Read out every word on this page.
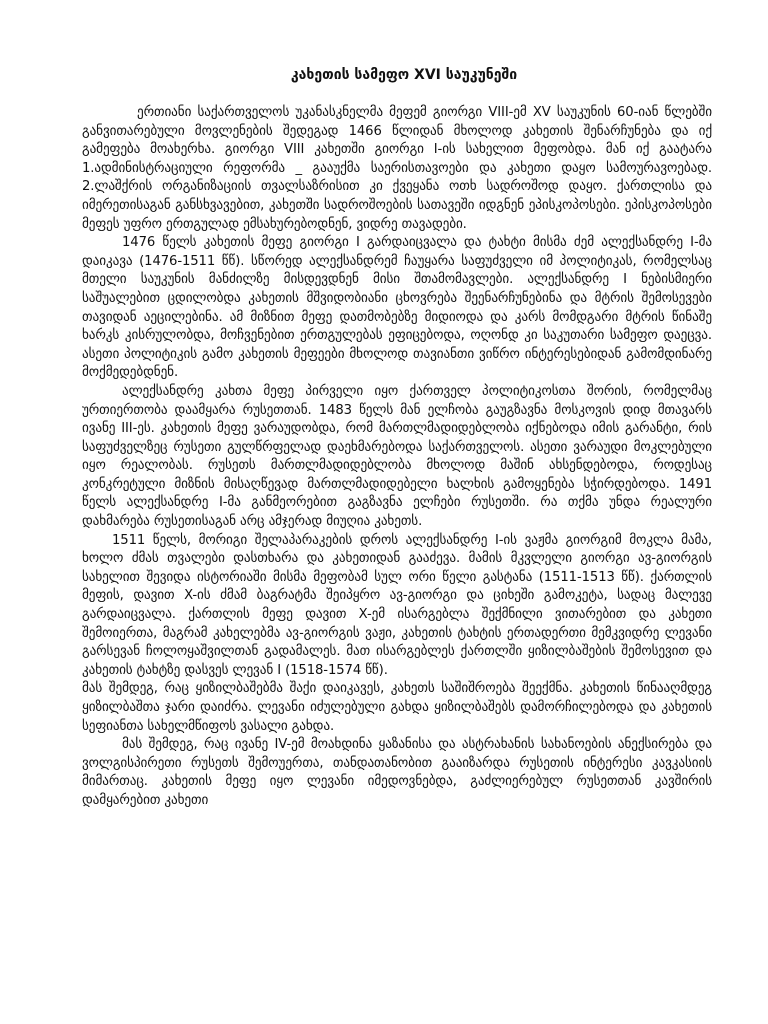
კახეთის სამეფო XVI საუკუნეში

ერთიანი საქართველოს უკანასკნელმა მეფემ გიორგი VIII-ემ XV საუკუნის 60-იან წლებში განვითარებული მოვლენების შედეგად 1466 წლიდან მხოლოდ კახეთის შენარჩუნება და იქ გამეფება მოახერხა. გიორგი VIII კახეთში გიორგი I-ის სახელით მეფობდა. მან იქ გაატარა 1.ადმინისტრაციული რეფორმა _ გააუქმა საერისთავოები და კახეთი დაყო სამოურავოებად. 2.ლაშქრის ორგანიზაციის თვალსაზრისით კი ქვეყანა ოთხ სადროშოდ დაყო. ქართლისა და იმერეთისაგან განსხვავებით, კახეთში სადროშოების სათავეში იდგნენ ეპისკოპოსები. ეპისკოპოსები მეფეს უფრო ერთგულად ემსახურებოდნენ, ვიდრე თავადები.

1476 წელს კახეთის მეფე გიორგი I გარდაიცვალა და ტახტი მისმა ძემ ალექსანდრე I-მა დაიკავა (1476-1511 წწ). სწორედ ალექსანდრემ ჩაუყარა საფუძველი იმ პოლიტიკას, რომელსაც მთელი საუკუნის მანძილზე მისდევდნენ მისი შთამომავლები. ალექსანდრე I ნებისმიერი საშუალებით ცდილობდა კახეთის მშვიდობიანი ცხოვრება შეენარჩუნებინა და მტრის შემოსევები თავიდან აეცილებინა. ამ მიზნით მეფე დათმობებზე მიდიოდა და კარს მომდგარი მტრის წინაშე ხარკს კისრულობდა, მოჩვენებით ერთგულებას ეფიცებოდა, ოღონდ კი საკუთარი სამეფო დაეცვა. ასეთი პოლიტიკის გამო კახეთის მეფეები მხოლოდ თავიანთი ვიწრო ინტერესებიდან გამომდინარე მოქმედებდნენ.

ალექსანდრე კახთა მეფე პირველი იყო ქართველ პოლიტიკოსთა შორის, რომელმაც ურთიერთობა დაამყარა რუსეთთან. 1483 წელს მან ელჩობა გაუგზავნა მოსკოვის დიდ მთავარს ივანე III-ეს. კახეთის მეფე ვარაუდობდა, რომ მართლმადიდებლობა იქნებოდა იმის გარანტი, რის საფუძველზეც რუსეთი გულწრფელად დაეხმარებოდა საქართველოს. ასეთი ვარაუდი მოკლებული იყო რეალობას. რუსეთს მართლმადიდებლობა მხოლოდ მაშინ ახსენდებოდა, როდესაც კონკრეტული მიზნის მისაღწევად მართლმადიდებელი ხალხის გამოყენება სჭირდებოდა. 1491 წელს ალექსანდრე I-მა განმეორებით გაგზავნა ელჩები რუსეთში. რა თქმა უნდა რეალური დახმარება რუსეთისაგან არც ამჯერად მიუღია კახეთს.

1511 წელს, მორიგი შელაპარაკების დროს ალექსანდრე I-ის ვაჟმა გიორგიმ მოკლა მამა, ხოლო ძმას თვალები დასთხარა და კახეთიდან გააძევა. მამის მკვლელი გიორგი ავ-გიორგის სახელით შევიდა ისტორიაში მისმა მეფობამ სულ ორი წელი გასტანა (1511-1513 წწ). ქართლის მეფის, დავით X-ის ძმამ ბაგრატმა შეიპყრო ავ-გიორგი და ციხეში გამოკეტა, სადაც მალევე გარდაიცვალა. ქართლის მეფე დავით X-ემ ისარგებლა შექმნილი ვითარებით და კახეთი შემოიერთა, მაგრამ კახელებმა ავ-გიორგის ვაჟი, კახეთის ტახტის ერთადერთი მემკვიდრე ლევანი გარსევან ჩოლოყაშვილთან გადამალეს. მათ ისარგებლეს ქართლში ყიზილბაშების შემოსევით და კახეთის ტახტზე დასვეს ლევან I (1518-1574 წწ).

მას შემდეგ, რაც ყიზილბაშებმა შაქი დაიკავეს, კახეთს საშიშროება შეექმნა. კახეთის წინააღმდეგ ყიზილბაშთა ჯარი დაიძრა. ლევანი იძულებული გახდა ყიზილბაშებს დამორჩილებოდა და კახეთის სეფიანთა სახელმწიფოს ვასალი გახდა.

მას შემდეგ, რაც ივანე IV-ემ მოახდინა ყაზანისა და ასტრახანის სახანოების ანექსირება და ვოლგისპირეთი რუსეთს შემოუერთა, თანდათანობით გააიზარდა რუსეთის ინტერესი კავკასიის მიმართაც. კახეთის მეფე იყო ლევანი იმედოვნებდა, გაძლიერებულ რუსეთთან კავშირის დამყარებით კახეთი
